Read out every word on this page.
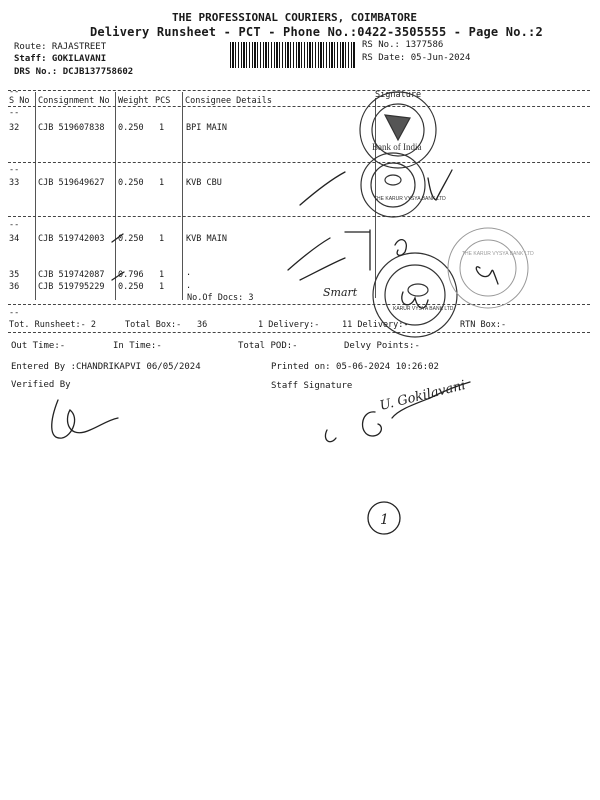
THE PROFESSIONAL COURIERS, COIMBATORE
Delivery Runsheet - PCT - Phone No.:0422-3505555 - Page No.:2
Route: RAJASTREET
Staff: GOKILAVANI
DRS No.: DCJB137758602
RS No.: 1377586
RS Date: 05-Jun-2024
--
S No Consignment No Weight PCS Consignee Details
Signature
--
32 CJB 519607838 0.250 1	BPI MAIN
--
33 CJB 519649627 0.250 1	KVB CBU
--
34 CJB 519742003 0.250 1	KVB MAIN
35 CJB 519742087 0.796 1	.
36 CJB 519795229 0.250 1	.
No.Of Docs: 3
--
Tot. Runsheet:- 2	Total Box:- 36	1 Delivery:-	11 Delivery:-	RTN Box:-
Out Time:-	In Time:-	Total POD:-	Delvy Points:-
Entered By :CHANDRIKAPVI 06/05/2024	Printed on: 05-06-2024 10:26:02
Verified By	Staff Signature
Bank of India
THE KARUR VYSYA BANK LTD
KARUR VYSYA BANK LTD
THE KARUR VYSYA BANK LTD
Smart
U. Gokilavani
1
